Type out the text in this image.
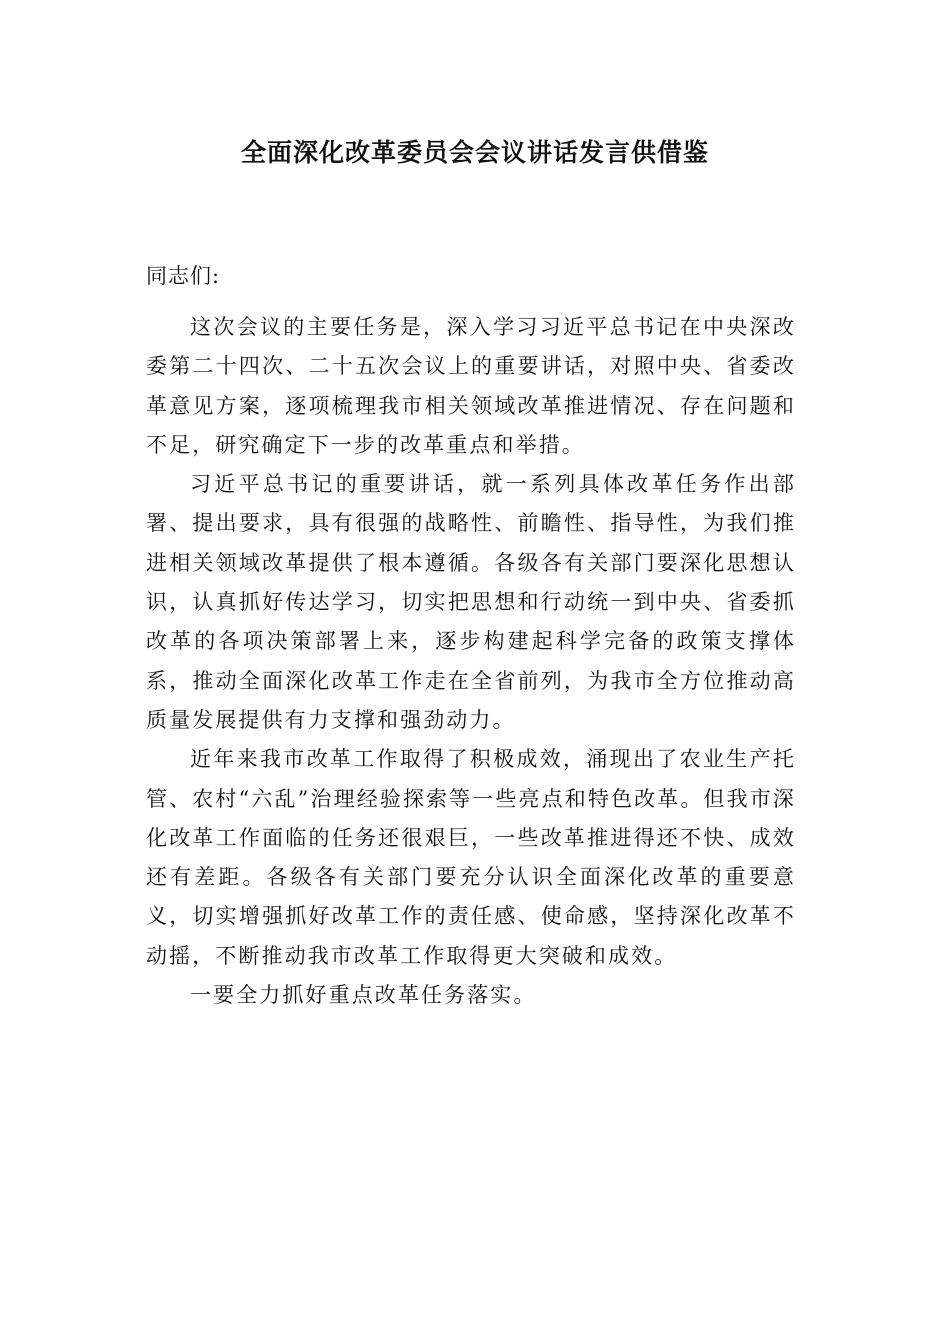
全面深化改革委员会会议讲话发言供借鉴
同志们:

这次会议的主要任务是，深入学习习近平总书记在中央深改委第二十四次、二十五次会议上的重要讲话，对照中央、省委改革意见方案，逐项梳理我市相关领域改革推进情况、存在问题和不足，研究确定下一步的改革重点和举措。

习近平总书记的重要讲话，就一系列具体改革任务作出部署、提出要求，具有很强的战略性、前瞻性、指导性，为我们推进相关领域改革提供了根本遵循。各级各有关部门要深化思想认识，认真抓好传达学习，切实把思想和行动统一到中央、省委抓改革的各项决策部署上来，逐步构建起科学完备的政策支撑体系，推动全面深化改革工作走在全省前列，为我市全方位推动高质量发展提供有力支撑和强劲动力。

近年来我市改革工作取得了积极成效，涌现出了农业生产托管、农村“六乱”治理经验探索等一些亮点和特色改革。但我市深化改革工作面临的任务还很艰巨，一些改革推进得还不快、成效还有差距。各级各有关部门要充分认识全面深化改革的重要意义，切实增强抓好改革工作的责任感、使命感，坚持深化改革不动摇，不断推动我市改革工作取得更大突破和成效。

一要全力抓好重点改革任务落实。
